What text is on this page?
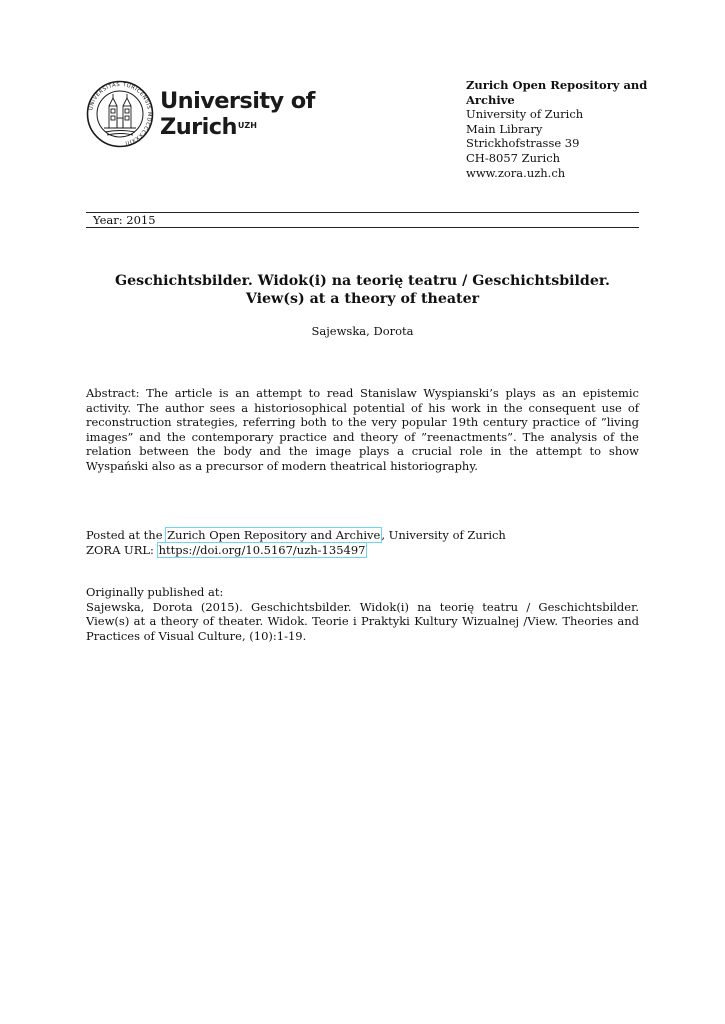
UNIVERSITAS TURICENSIS MDCCCXXXIII
University of
Zurich$^{UZH}$
Zurich Open Repository and
Archive
University of Zurich
Main Library
Strickhofstrasse 39
CH-8057 Zurich
www.zora.uzh.ch
Year: 2015
Geschichtsbilder. Widok(i) na teorię teatru / Geschichtsbilder. View(s) at a theory of theater
Sajewska, Dorota
Abstract: The article is an attempt to read Stanislaw Wyspianski’s plays as an epistemic activity. The author sees a historiosophical potential of his work in the consequent use of reconstruction strategies, referring both to the very popular 19th century practice of ”living images” and the contemporary practice and theory of ”reenactments”. The analysis of the relation between the body and the image plays a crucial role in the attempt to show Wyspański also as a precursor of modern theatrical historiography.
Posted at the Zurich Open Repository and Archive, University of Zurich
ZORA URL: https://doi.org/10.5167/uzh-135497
Originally published at:
Sajewska, Dorota (2015). Geschichtsbilder. Widok(i) na teorię teatru / Geschichtsbilder. View(s) at a theory of theater. Widok. Teorie i Praktyki Kultury Wizualnej /View. Theories and Practices of Visual Culture, (10):1-19.
